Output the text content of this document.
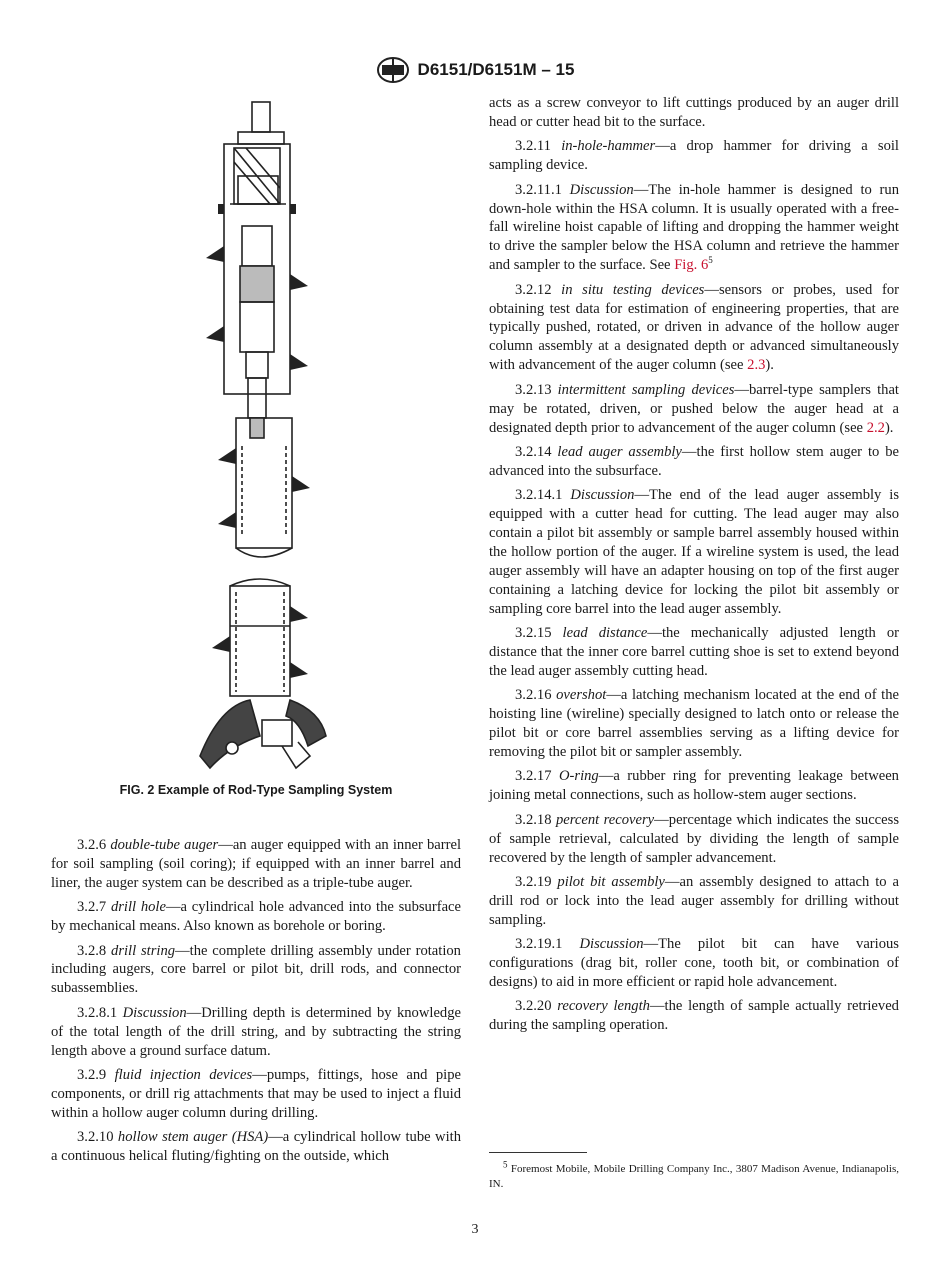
D6151/D6151M – 15
FIG. 2 Example of Rod-Type Sampling System

3.2.6 double-tube auger—an auger equipped with an inner barrel for soil sampling (soil coring); if equipped with an inner barrel and liner, the auger system can be described as a triple-tube auger.

3.2.7 drill hole—a cylindrical hole advanced into the subsurface by mechanical means. Also known as borehole or boring.

3.2.8 drill string—the complete drilling assembly under rotation including augers, core barrel or pilot bit, drill rods, and connector subassemblies.

3.2.8.1 Discussion—Drilling depth is determined by knowledge of the total length of the drill string, and by subtracting the string length above a ground surface datum.

3.2.9 fluid injection devices—pumps, fittings, hose and pipe components, or drill rig attachments that may be used to inject a fluid within a hollow auger column during drilling.

3.2.10 hollow stem auger (HSA)—a cylindrical hollow tube with a continuous helical fluting/fighting on the outside, which

acts as a screw conveyor to lift cuttings produced by an auger drill head or cutter head bit to the surface.

3.2.11 in-hole-hammer—a drop hammer for driving a soil sampling device.

3.2.11.1 Discussion—The in-hole hammer is designed to run down-hole within the HSA column. It is usually operated with a free-fall wireline hoist capable of lifting and dropping the hammer weight to drive the sampler below the HSA column and retrieve the hammer and sampler to the surface. See Fig. $6^5$

3.2.12 in situ testing devices—sensors or probes, used for obtaining test data for estimation of engineering properties, that are typically pushed, rotated, or driven in advance of the hollow auger column assembly at a designated depth or advanced simultaneously with advancement of the auger column (see 2.3).

3.2.13 intermittent sampling devices—barrel-type samplers that may be rotated, driven, or pushed below the auger head at a designated depth prior to advancement of the auger column (see 2.2).

3.2.14 lead auger assembly—the first hollow stem auger to be advanced into the subsurface.

3.2.14.1 Discussion—The end of the lead auger assembly is equipped with a cutter head for cutting. The lead auger may also contain a pilot bit assembly or sample barrel assembly housed within the hollow portion of the auger. If a wireline system is used, the lead auger assembly will have an adapter housing on top of the first auger containing a latching device for locking the pilot bit assembly or sampling core barrel into the lead auger assembly.

3.2.15 lead distance—the mechanically adjusted length or distance that the inner core barrel cutting shoe is set to extend beyond the lead auger assembly cutting head.

3.2.16 overshot—a latching mechanism located at the end of the hoisting line (wireline) specially designed to latch onto or release the pilot bit or core barrel assemblies serving as a lifting device for removing the pilot bit or sampler assembly.

3.2.17 O-ring—a rubber ring for preventing leakage between joining metal connections, such as hollow-stem auger sections.

3.2.18 percent recovery—percentage which indicates the success of sample retrieval, calculated by dividing the length of sample recovered by the length of sampler advancement.

3.2.19 pilot bit assembly—an assembly designed to attach to a drill rod or lock into the lead auger assembly for drilling without sampling.

3.2.19.1 Discussion—The pilot bit can have various configurations (drag bit, roller cone, tooth bit, or combination of designs) to aid in more efficient or rapid hole advancement.

3.2.20 recovery length—the length of sample actually retrieved during the sampling operation.

$^5$ Foremost Mobile, Mobile Drilling Company Inc., 3807 Madison Avenue, Indianapolis, IN.
3
